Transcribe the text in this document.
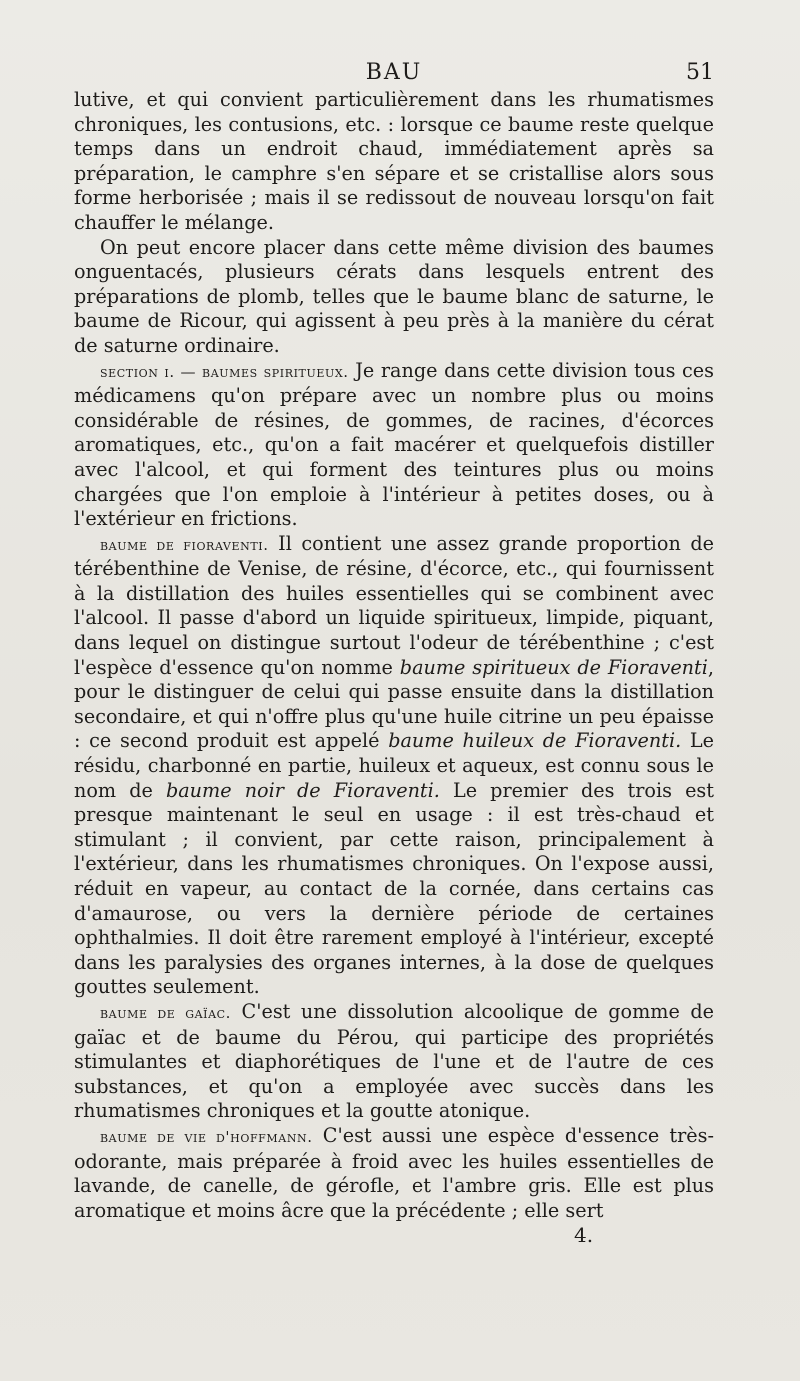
BAU	51

lutive, et qui convient particulièrement dans les rhumatismes chroniques, les contusions, etc. : lorsque ce baume reste quelque temps dans un endroit chaud, immédiatement après sa préparation, le camphre s'en sépare et se cristallise alors sous forme herborisée ; mais il se redissout de nouveau lorsqu'on fait chauffer le mélange.

On peut encore placer dans cette même division des baumes onguentacés, plusieurs cérats dans lesquels entrent des préparations de plomb, telles que le baume blanc de saturne, le baume de Ricour, qui agissent à peu près à la manière du cérat de saturne ordinaire.

section i. — baumes spiritueux. Je range dans cette division tous ces médicamens qu'on prépare avec un nombre plus ou moins considérable de résines, de gommes, de racines, d'écorces aromatiques, etc., qu'on a fait macérer et quelquefois distiller avec l'alcool, et qui forment des teintures plus ou moins chargées que l'on emploie à l'intérieur à petites doses, ou à l'extérieur en frictions.

baume de fioraventi. Il contient une assez grande proportion de térébenthine de Venise, de résine, d'écorce, etc., qui fournissent à la distillation des huiles essentielles qui se combinent avec l'alcool. Il passe d'abord un liquide spiritueux, limpide, piquant, dans lequel on distingue surtout l'odeur de térébenthine ; c'est l'espèce d'essence qu'on nomme baume spiritueux de Fioraventi, pour le distinguer de celui qui passe ensuite dans la distillation secondaire, et qui n'offre plus qu'une huile citrine un peu épaisse : ce second produit est appelé baume huileux de Fioraventi. Le résidu, charbonné en partie, huileux et aqueux, est connu sous le nom de baume noir de Fioraventi. Le premier des trois est presque maintenant le seul en usage : il est très-chaud et stimulant ; il convient, par cette raison, principalement à l'extérieur, dans les rhumatismes chroniques. On l'expose aussi, réduit en vapeur, au contact de la cornée, dans certains cas d'amaurose, ou vers la dernière période de certaines ophthalmies. Il doit être rarement employé à l'intérieur, excepté dans les paralysies des organes internes, à la dose de quelques gouttes seulement.

baume de gaïac. C'est une dissolution alcoolique de gomme de gaïac et de baume du Pérou, qui participe des propriétés stimulantes et diaphorétiques de l'une et de l'autre de ces substances, et qu'on a employée avec succès dans les rhumatismes chroniques et la goutte atonique.

baume de vie d'hoffmann. C'est aussi une espèce d'essence très-odorante, mais préparée à froid avec les huiles essentielles de lavande, de canelle, de gérofle, et l'ambre gris. Elle est plus aromatique et moins âcre que la précédente ; elle sert

4.
